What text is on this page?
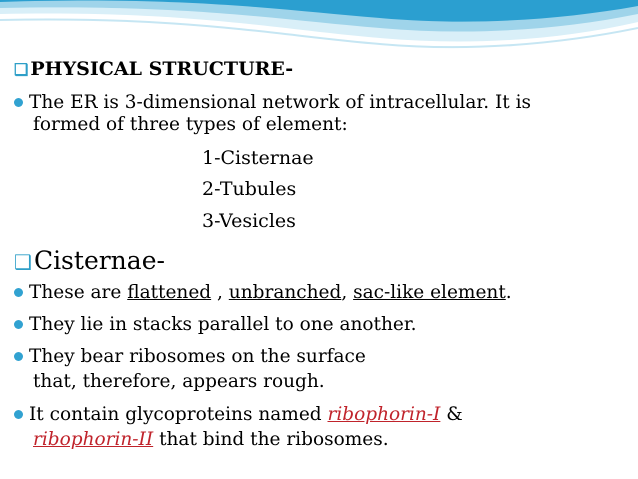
❑ PHYSICAL STRUCTURE-
The ER is 3-dimensional network of intracellular. It is
formed of three types of element:
1-Cisternae
2-Tubules
3-Vesicles
❑Cisternae-
These are flattened , unbranched, sac-like element.
They lie in stacks parallel to one another.
They bear ribosomes on the surface
that, therefore, appears rough.
It contain glycoproteins named ribophorin-I &
ribophorin-II that bind the ribosomes.
